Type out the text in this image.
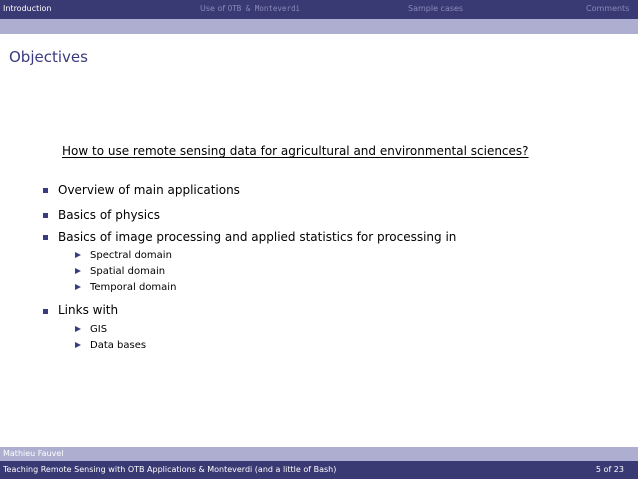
Introduction	Use of OTB & Monteverdi	Sample cases	Comments
Objectives
How to use remote sensing data for agricultural and environmental sciences?
Overview of main applications
Basics of physics
Basics of image processing and applied statistics for processing in
Spectral domain
Spatial domain
Temporal domain
Links with
GIS
Data bases
Mathieu Fauvel
Teaching Remote Sensing with OTB Applications & Monteverdi (and a little of Bash)	5 of 23
